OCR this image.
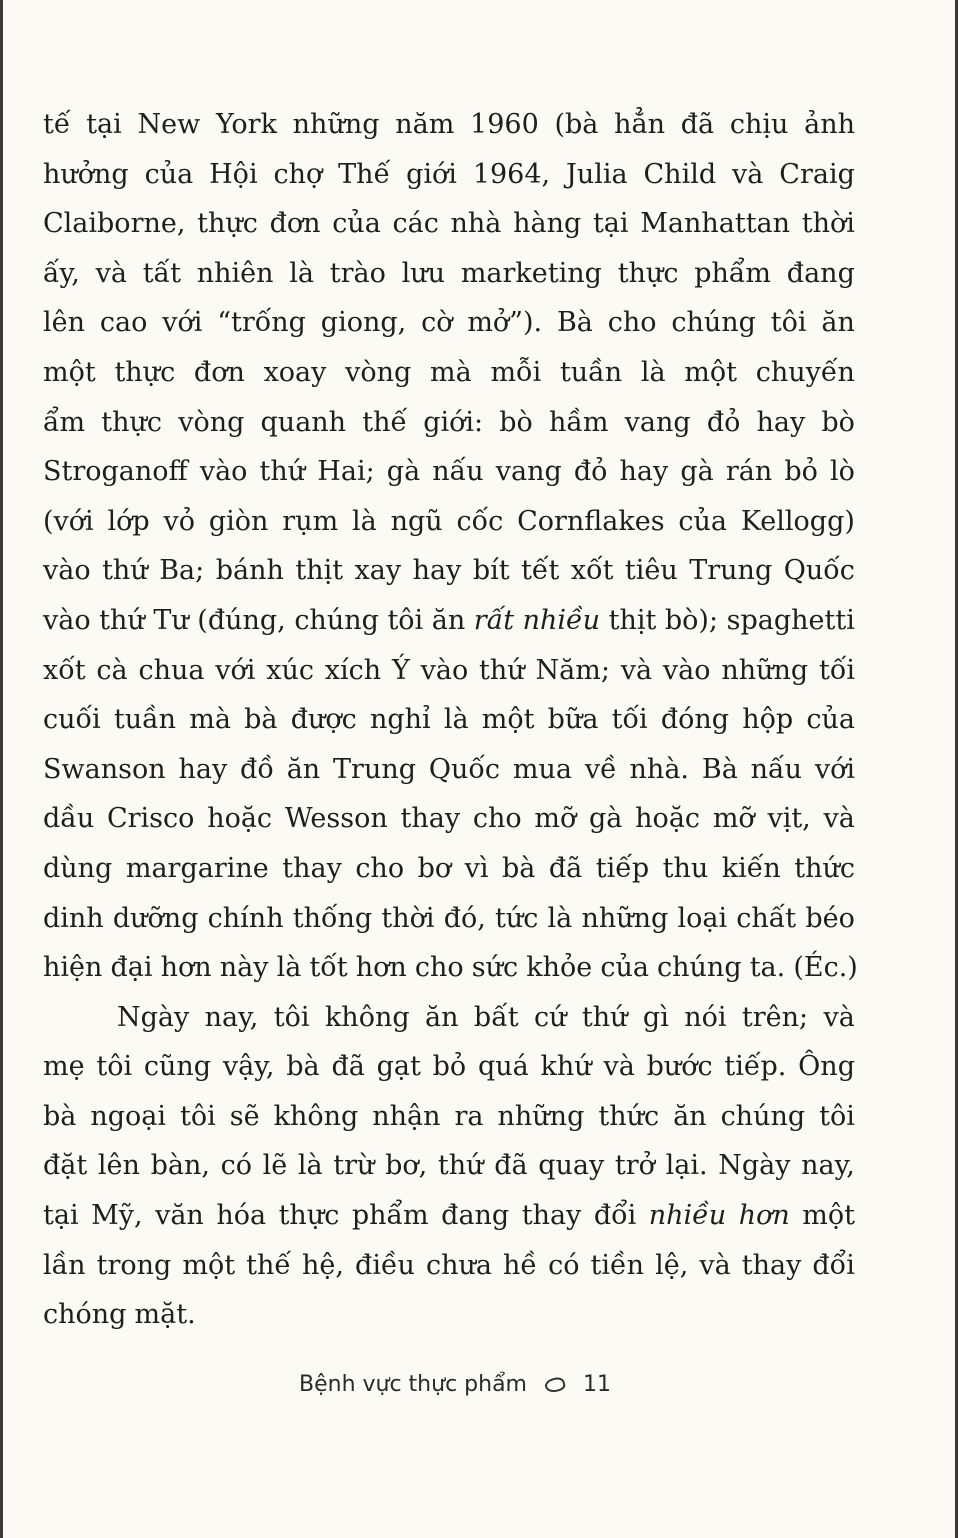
tế tại New York những năm 1960 (bà hẳn đã chịu ảnh
hưởng của Hội chợ Thế giới 1964, Julia Child và Craig
Claiborne, thực đơn của các nhà hàng tại Manhattan thời
ấy, và tất nhiên là trào lưu marketing thực phẩm đang
lên cao với “trống giong, cờ mở”). Bà cho chúng tôi ăn
một thực đơn xoay vòng mà mỗi tuần là một chuyến
ẩm thực vòng quanh thế giới: bò hầm vang đỏ hay bò
Stroganoff vào thứ Hai; gà nấu vang đỏ hay gà rán bỏ lò
(với lớp vỏ giòn rụm là ngũ cốc Cornflakes của Kellogg)
vào thứ Ba; bánh thịt xay hay bít tết xốt tiêu Trung Quốc
vào thứ Tư (đúng, chúng tôi ăn rất nhiều thịt bò); spaghetti
xốt cà chua với xúc xích Ý vào thứ Năm; và vào những tối
cuối tuần mà bà được nghỉ là một bữa tối đóng hộp của
Swanson hay đồ ăn Trung Quốc mua về nhà. Bà nấu với
dầu Crisco hoặc Wesson thay cho mỡ gà hoặc mỡ vịt, và
dùng margarine thay cho bơ vì bà đã tiếp thu kiến thức
dinh dưỡng chính thống thời đó, tức là những loại chất béo
hiện đại hơn này là tốt hơn cho sức khỏe của chúng ta. (Éc.)
Ngày nay, tôi không ăn bất cứ thứ gì nói trên; và
mẹ tôi cũng vậy, bà đã gạt bỏ quá khứ và bước tiếp. Ông
bà ngoại tôi sẽ không nhận ra những thức ăn chúng tôi
đặt lên bàn, có lẽ là trừ bơ, thứ đã quay trở lại. Ngày nay,
tại Mỹ, văn hóa thực phẩm đang thay đổi nhiều hơn một
lần trong một thế hệ, điều chưa hề có tiền lệ, và thay đổi
chóng mặt.
Bệnh vực thực phẩm	11
